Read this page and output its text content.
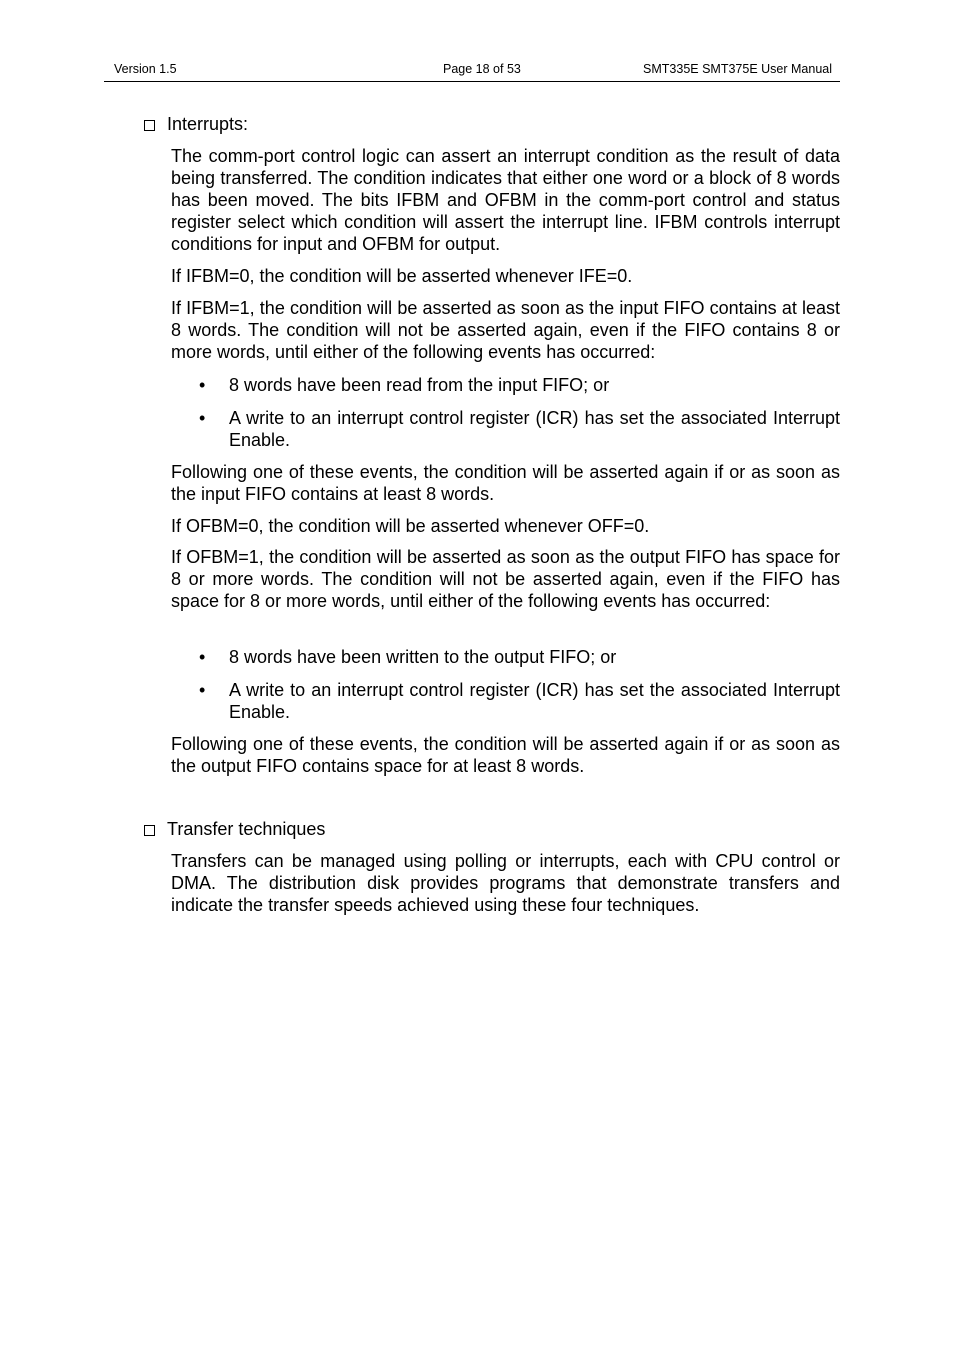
Version 1.5	Page 18 of 53	SMT335E SMT375E User Manual
Interrupts:

The comm-port control logic can assert an interrupt condition as the result of data being transferred. The condition indicates that either one word or a block of 8 words has been moved. The bits IFBM and OFBM in the comm-port control and status register select which condition will assert the interrupt line. IFBM controls interrupt conditions for input and OFBM for output.

If IFBM=0, the condition will be asserted whenever IFE=0.

If IFBM=1, the condition will be asserted as soon as the input FIFO contains at least 8 words. The condition will not be asserted again, even if the FIFO contains 8 or more words, until either of the following events has occurred:

•	8 words have been read from the input FIFO; or
•	A write to an interrupt control register (ICR) has set the associated Interrupt Enable.

Following one of these events, the condition will be asserted again if or as soon as the input FIFO contains at least 8 words.

If OFBM=0, the condition will be asserted whenever OFF=0.

If OFBM=1, the condition will be asserted as soon as the output FIFO has space for 8 or more words. The condition will not be asserted again, even if the FIFO has space for 8 or more words, until either of the following events has occurred:

•	8 words have been written to the output FIFO; or
•	A write to an interrupt control register (ICR) has set the associated Interrupt Enable.

Following one of these events, the condition will be asserted again if or as soon as the output FIFO contains space for at least 8 words.

Transfer techniques

Transfers can be managed using polling or interrupts, each with CPU control or DMA. The distribution disk provides programs that demonstrate transfers and indicate the transfer speeds achieved using these four techniques.
